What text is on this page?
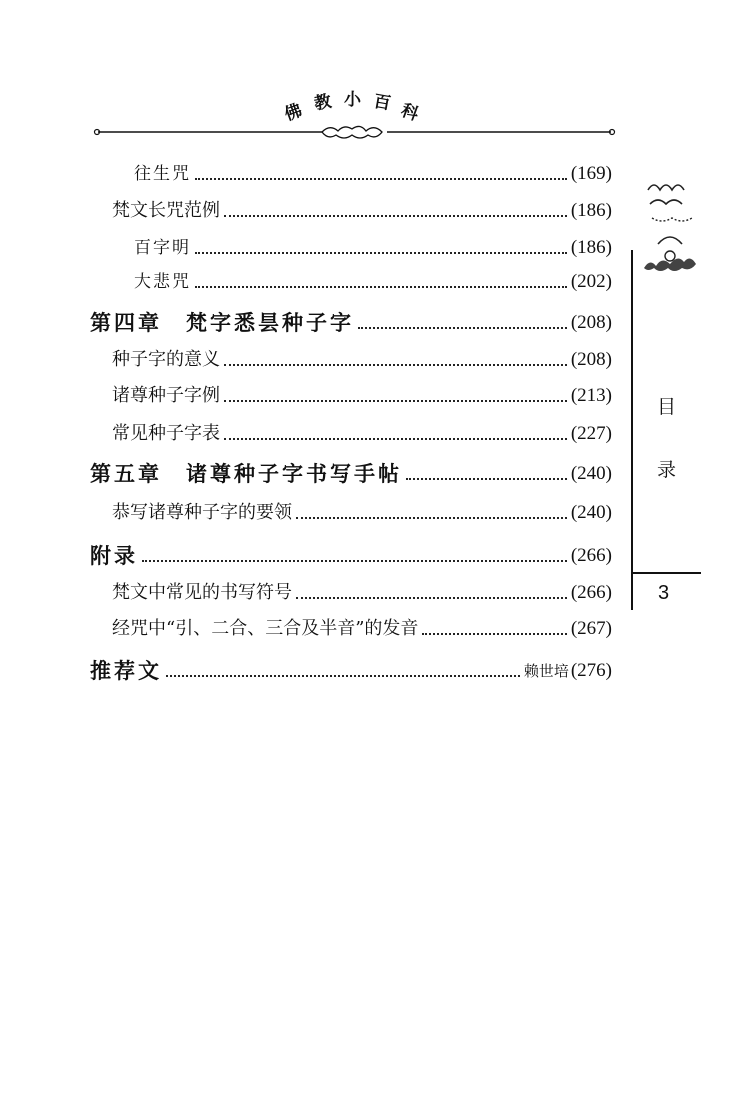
佛 教 小 百 科
往生咒	(169)
梵文长咒范例	(186)
百字明	(186)
大悲咒	(202)
第四章　梵字悉昙种子字	(208)
种子字的意义	(208)
诸尊种子字例	(213)
常见种子字表	(227)
第五章　诸尊种子字书写手帖	(240)
恭写诸尊种子字的要领	(240)
附录	(266)
梵文中常见的书写符号	(266)
经咒中“引、二合、三合及半音”的发音	(267)
推荐文	赖世培 (276)
目
录
3
